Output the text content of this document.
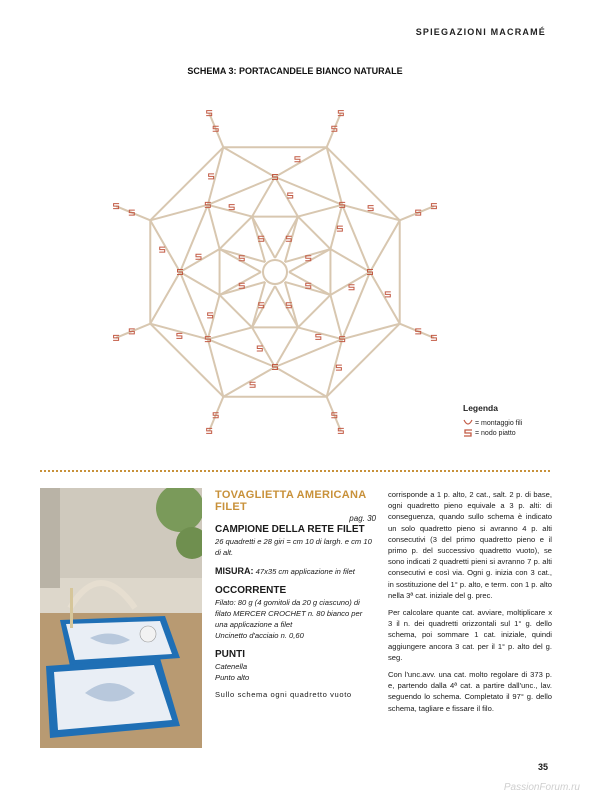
SPIEGAZIONI MACRAMÉ
SCHEMA 3: PORTACANDELE BIANCO NATURALE
Legenda
= montaggio fili
= nodo piatto
TOVAGLIETTA AMERICANA FILET
pag. 30
CAMPIONE DELLA RETE FILET

26 quadretti e 28 giri = cm 10 di largh. e cm 10 di alt.

MISURA: 47x35 cm applicazione in filet
OCCORRENTE

Filato: 80 g (4 gomitoli da 20 g ciascuno) di filato MERCER CROCHET n. 80 bianco per una applicazione a filet

Uncinetto d'acciaio n. 0,60

PUNTI

Catenella

Punto alto

Sullo schema ogni quadretto vuoto

corrisponde a 1 p. alto, 2 cat., salt. 2 p. di base, ogni quadretto pieno equivale a 3 p. alti: di conseguenza, quando sullo schema è indicato un solo quadretto pieno si avranno 4 p. alti consecutivi (3 del primo quadretto pieno e il primo p. del successivo quadretto vuoto), se sono indicati 2 quadretti pieni si avranno 7 p. alti consecutivi e così via. Ogni g. inizia con 3 cat., in sostituzione del 1° p. alto, e term. con 1 p. alto nella 3ª cat. iniziale del g. prec.

Per calcolare quante cat. avviare, moltiplicare x 3 il n. dei quadretti orizzontali sul 1° g. dello schema, poi sommare 1 cat. iniziale, quindi aggiungere ancora 3 cat. per il 1° p. alto del g. seg.

Con l'unc.avv. una cat. molto regolare di 373 p. e, partendo dalla 4ª cat. a partire dall'unc., lav. seguendo lo schema. Completato il 97° g. dello schema, tagliare e fissare il filo.

35
PassionForum.ru
